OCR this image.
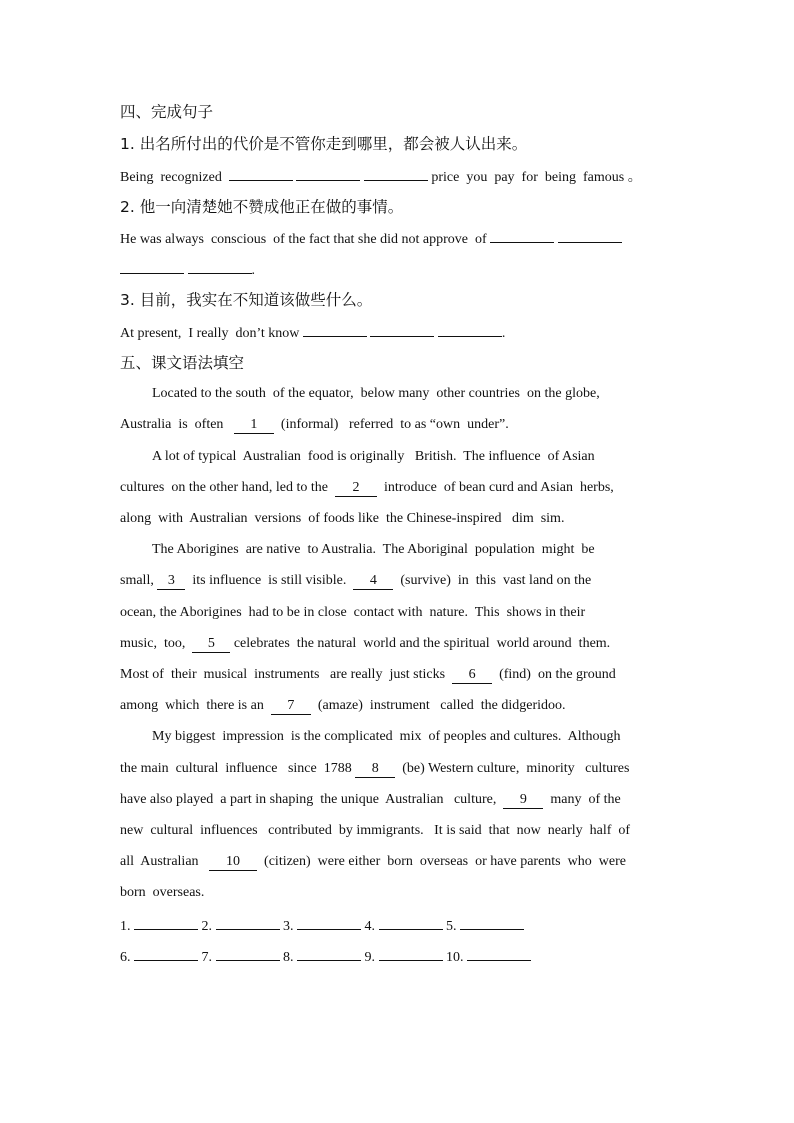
四、完成句子
1. 出名所付出的代价是不管你走到哪里，都会被人认出来。
Being  recognized	price  you  pay  for  being  famous 。
2. 他一向清楚她不赞成他正在做的事情。
He was always  conscious  of the fact that she did not approve  of
.
3. 目前，我实在不知道该做些什么。
At present,  I really  don’t know	.
五、课文语法填空
Located to the south  of the equator,  below many  other countries  on the globe,
Australia  is  often   1  (informal)   referred  to as “own  under”.
A lot of typical  Australian  food is originally   British.  The influence  of Asian
cultures  on the other hand, led to the  2  introduce  of bean curd and Asian  herbs,
along  with  Australian  versions  of foods like  the Chinese-inspired   dim  sim.
The Aborigines  are native  to Australia.  The Aboriginal  population  might  be
small, 3  its influence  is still visible.  4  (survive)  in  this  vast land on the
ocean, the Aborigines  had to be in close  contact with  nature.  This  shows in their
music,  too,  5 celebrates  the natural  world and the spiritual  world around  them.
Most of  their  musical  instruments   are really  just sticks  6  (find)  on the ground
among  which  there is an  7  (amaze)  instrument   called  the didgeridoo.
My biggest  impression  is the complicated  mix  of peoples and cultures.  Although
the main  cultural  influence   since  1788 8  (be) Western culture,  minority   cultures
have also played  a part in shaping  the unique  Australian   culture,  9  many  of the
new  cultural  influences   contributed  by immigrants.   It is said  that  now  nearly  half  of
all  Australian   10  (citizen)  were either  born  overseas  or have parents  who  were
born  overseas.
1.	2.	3.	4.	5.
6.	7.	8.	9.	10.
